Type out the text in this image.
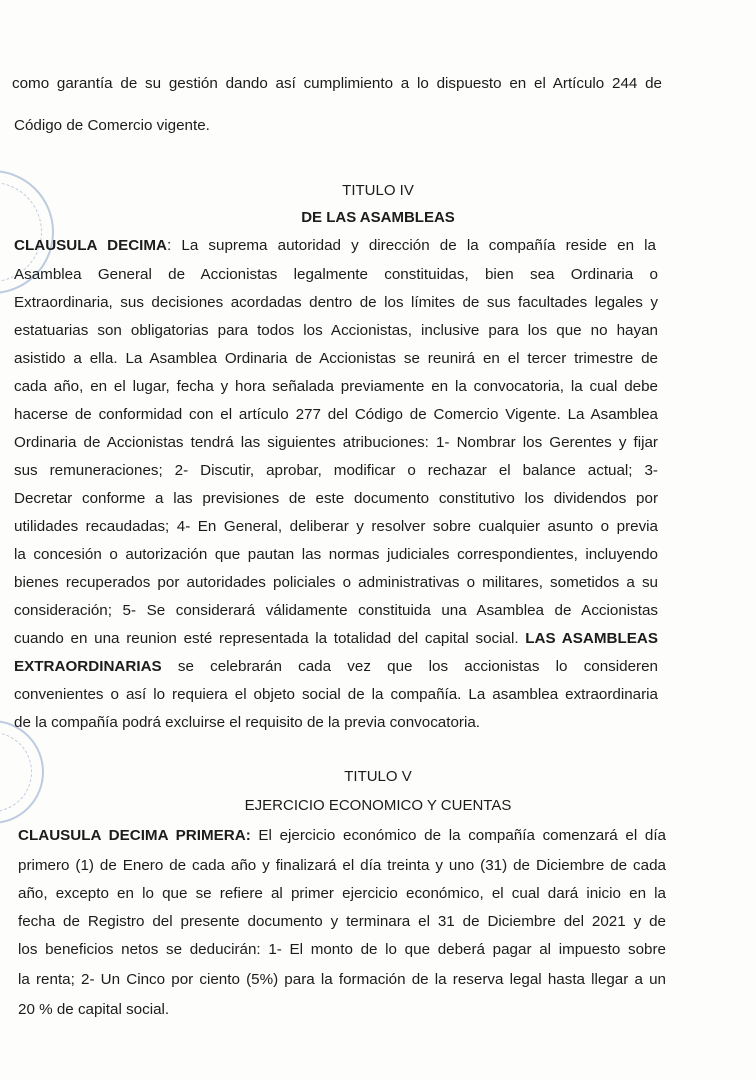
como garantía de su gestión dando así cumplimiento a lo dispuesto en el Artículo 244 de

Código de Comercio vigente.

TITULO IV

DE LAS ASAMBLEAS

CLAUSULA DECIMA: La suprema autoridad y dirección de la compañía reside en la

Asamblea General de Accionistas legalmente constituidas, bien sea Ordinaria o

Extraordinaria, sus decisiones acordadas dentro de los límites de sus facultades legales y

estatuarias son obligatorias para todos los Accionistas, inclusive para los que no hayan

asistido a ella. La Asamblea Ordinaria de Accionistas se reunirá en el tercer trimestre de

cada año, en el lugar, fecha y hora señalada previamente en la convocatoria, la cual debe

hacerse de conformidad con el artículo 277 del Código de Comercio Vigente. La Asamblea

Ordinaria de Accionistas tendrá las siguientes atribuciones: 1- Nombrar los Gerentes y fijar

sus remuneraciones; 2- Discutir, aprobar, modificar o rechazar el balance actual; 3-

Decretar conforme a las previsiones de este documento constitutivo los dividendos por

utilidades recaudadas; 4- En General, deliberar y resolver sobre cualquier asunto o previa

la concesión o autorización que pautan las normas judiciales correspondientes, incluyendo

bienes recuperados por autoridades policiales o administrativas o militares, sometidos a su

consideración; 5- Se considerará válidamente constituida una Asamblea de Accionistas

cuando en una reunion esté representada la totalidad del capital social. LAS ASAMBLEAS

EXTRAORDINARIAS se celebrarán cada vez que los accionistas lo consideren

convenientes o así lo requiera el objeto social de la compañía. La asamblea extraordinaria

de la compañía podrá excluirse el requisito de la previa convocatoria.

TITULO V

EJERCICIO ECONOMICO Y CUENTAS

CLAUSULA DECIMA PRIMERA: El ejercicio económico de la compañía comenzará el día

primero (1) de Enero de cada año y finalizará el día treinta y uno (31) de Diciembre de cada

año, excepto en lo que se refiere al primer ejercicio económico, el cual dará inicio en la

fecha de Registro del presente documento y terminara el 31 de Diciembre del 2021 y de

los beneficios netos se deducirán: 1- El monto de lo que deberá pagar al impuesto sobre

la renta; 2- Un Cinco por ciento (5%) para la formación de la reserva legal hasta llegar a un

20 % de capital social.
